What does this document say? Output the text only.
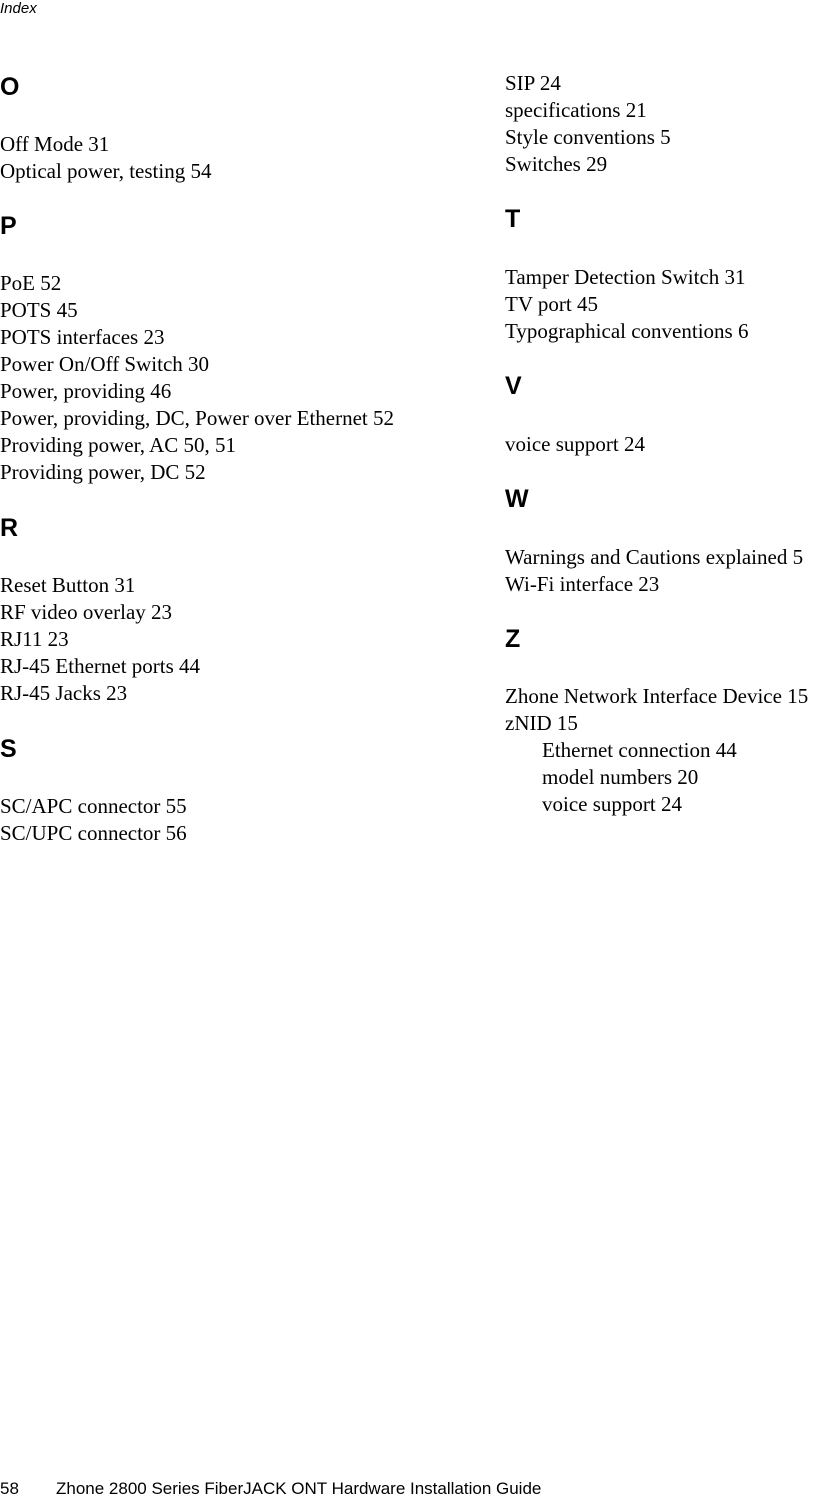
Index
O
Off Mode 31
Optical power, testing 54
P
PoE 52
POTS 45
POTS interfaces 23
Power On/Off Switch 30
Power, providing 46
Power, providing, DC, Power over Ethernet 52
Providing power, AC 50, 51
Providing power, DC 52
R
Reset Button 31
RF video overlay 23
RJ11 23
RJ-45 Ethernet ports 44
RJ-45 Jacks 23
S
SC/APC connector 55
SC/UPC connector 56
SIP 24
specifications 21
Style conventions 5
Switches 29
T
Tamper Detection Switch 31
TV port 45
Typographical conventions 6
V
voice support 24
W
Warnings and Cautions explained 5
Wi-Fi interface 23
Z
Zhone Network Interface Device 15
zNID 15
Ethernet connection 44
model numbers 20
voice support 24
58 Zhone 2800 Series FiberJACK ONT Hardware Installation Guide
